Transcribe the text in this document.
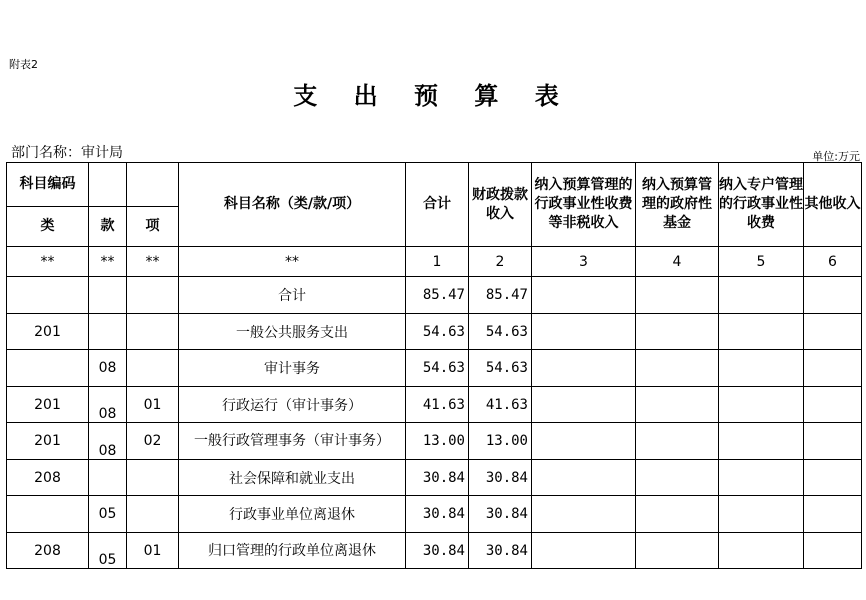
附表2
支 出 预 算 表
部门名称：审计局	单位:万元
科目编码			科目名称（类/款/项）	合计	财政拨款收入	纳入预算管理的行政事业性收费等非税收入	纳入预算管理的政府性基金	纳入专户管理的行政事业性收费	其他收入
类	款	项							
**	**	**	**	1	2	3	4	5	6
			合计	85.47	85.47				
201			一般公共服务支出	54.63	54.63				
	08		审计事务	54.63	54.63				
201	08	01	行政运行（审计事务）	41.63	41.63				
201	08	02	一般行政管理事务（审计事务）	13.00	13.00				
208			社会保障和就业支出	30.84	30.84				
	05		行政事业单位离退休	30.84	30.84				
208	05	01	归口管理的行政单位离退休	30.84	30.84				
